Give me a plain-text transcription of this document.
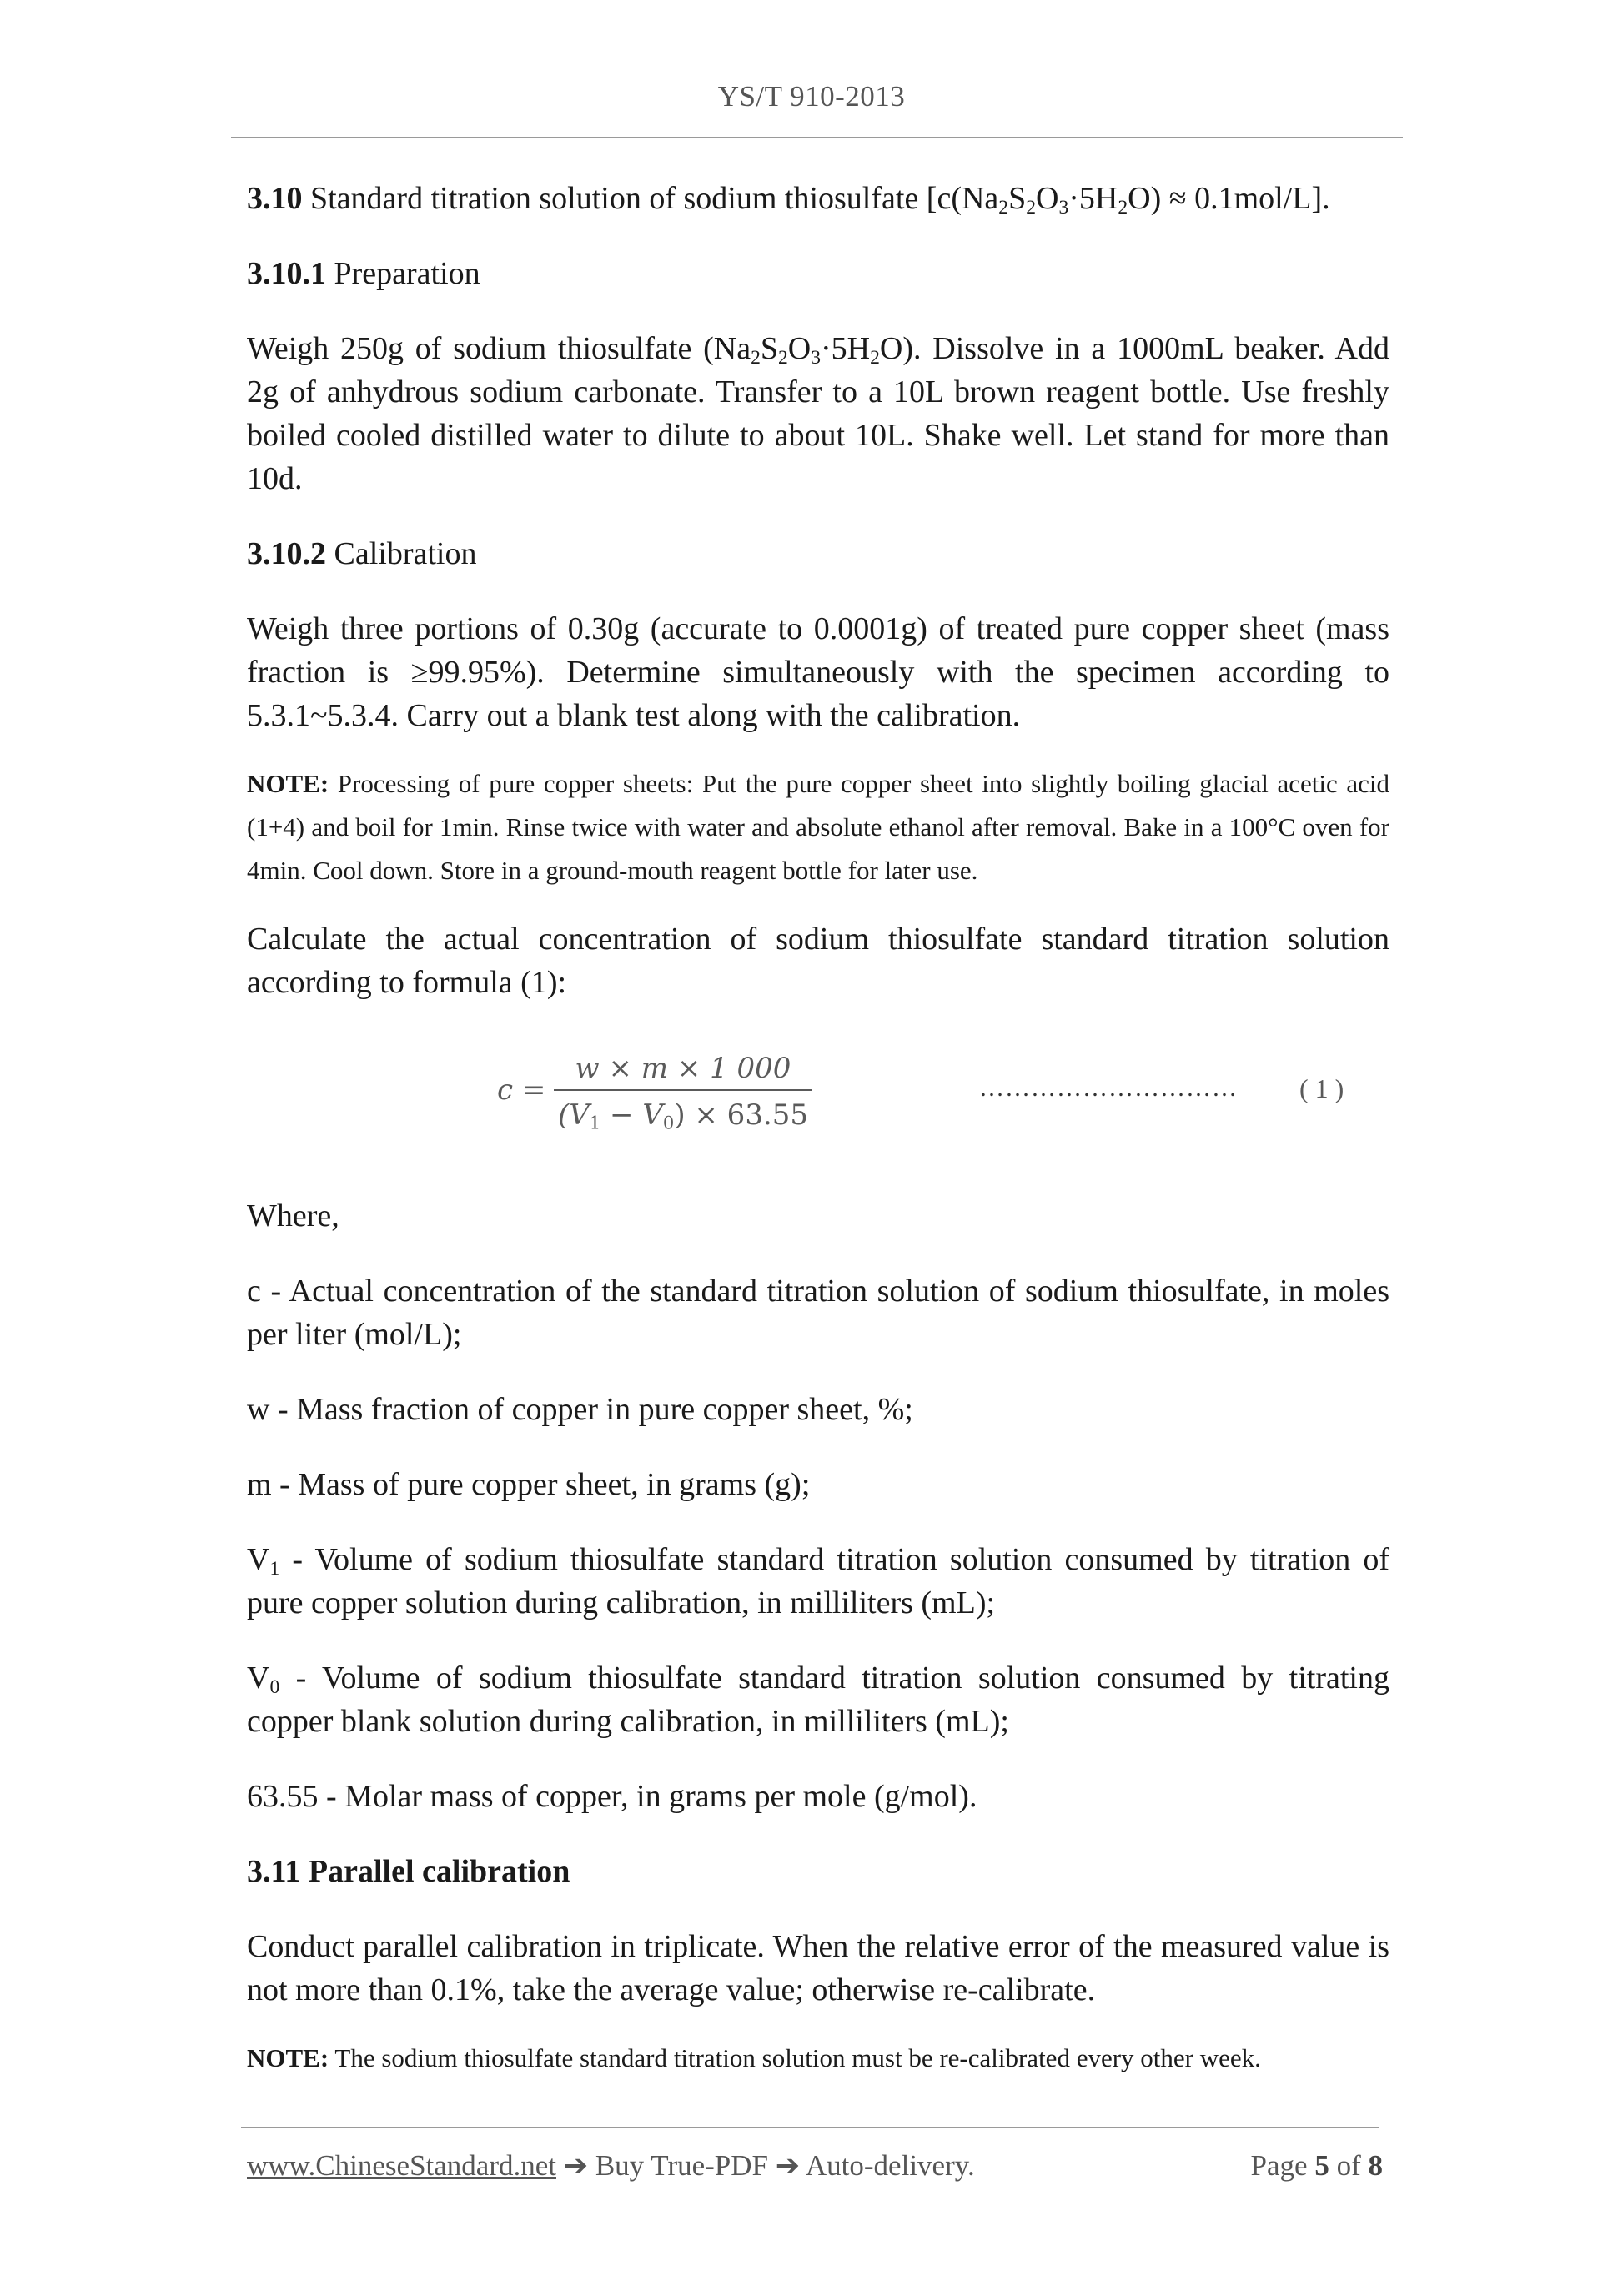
YS/T 910-2013

3.10 Standard titration solution of sodium thiosulfate $[c(Na_2S_2O_3\cdot 5H_2O) \approx 0.1mol/L]$.

3.10.1 Preparation

Weigh 250g of sodium thiosulfate $(Na_2S_2O_3\cdot 5H_2O)$. Dissolve in a 1000mL beaker. Add 2g of anhydrous sodium carbonate. Transfer to a 10L brown reagent bottle. Use freshly boiled cooled distilled water to dilute to about 10L. Shake well. Let stand for more than 10d.

3.10.2 Calibration

Weigh three portions of 0.30g (accurate to 0.0001g) of treated pure copper sheet (mass fraction is ≥99.95%). Determine simultaneously with the specimen according to 5.3.1~5.3.4. Carry out a blank test along with the calibration.

NOTE: Processing of pure copper sheets: Put the pure copper sheet into slightly boiling glacial acetic acid (1+4) and boil for 1min. Rinse twice with water and absolute ethanol after removal. Bake in a 100°C oven for 4min. Cool down. Store in a ground-mouth reagent bottle for later use.

Calculate the actual concentration of sodium thiosulfate standard titration solution according to formula (1):

c =
w × m × 1 000
$(V_1 - V_0) \times 63.55$
………………………… ( 1 )

Where,

c - Actual concentration of the standard titration solution of sodium thiosulfate, in moles per liter (mol/L);

w - Mass fraction of copper in pure copper sheet, %;

m - Mass of pure copper sheet, in grams (g);

$V_1$ - Volume of sodium thiosulfate standard titration solution consumed by titration of pure copper solution during calibration, in milliliters (mL);

$V_0$ - Volume of sodium thiosulfate standard titration solution consumed by titrating copper blank solution during calibration, in milliliters (mL);

63.55 - Molar mass of copper, in grams per mole (g/mol).

3.11 Parallel calibration

Conduct parallel calibration in triplicate. When the relative error of the measured value is not more than 0.1%, take the average value; otherwise re-calibrate.

NOTE: The sodium thiosulfate standard titration solution must be re-calibrated every other week.

www.ChineseStandard.net ➔ Buy True-PDF ➔ Auto-delivery.	Page 5 of 8
